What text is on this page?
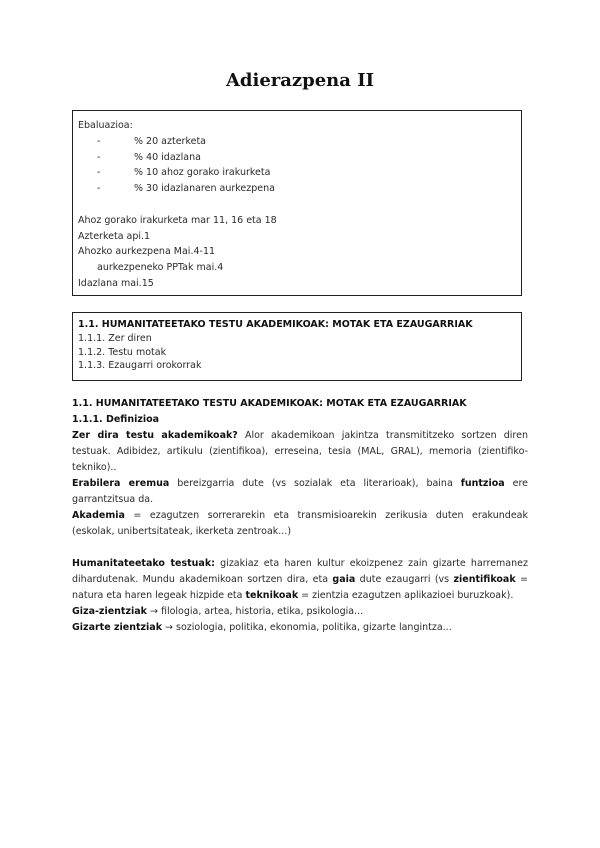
Adierazpena II
Ebaluazioa:
-	% 20 azterketa
-	% 40 idazlana
-	% 10 ahoz gorako irakurketa
-	% 30 idazlanaren aurkezpena
Ahoz gorako irakurketa mar 11, 16 eta 18
Azterketa api.1
Ahozko aurkezpena Mai.4-11
aurkezpeneko PPTak mai.4
Idazlana mai.15
1.1. HUMANITATEETAKO TESTU AKADEMIKOAK: MOTAK ETA EZAUGARRIAK
1.1.1. Zer diren
1.1.2. Testu motak
1.1.3. Ezaugarri orokorrak
1.1. HUMANITATEETAKO TESTU AKADEMIKOAK: MOTAK ETA EZAUGARRIAK
1.1.1. Definizioa

Zer dira testu akademikoak? Alor akademikoan jakintza transmititzeko sortzen diren testuak. Adibidez, artikulu (zientifikoa), erreseina, tesia (MAL, GRAL), memoria (zientifiko-tekniko)..

Erabilera eremua bereizgarria dute (vs sozialak eta literarioak), baina funtzioa ere garrantzitsua da.

Akademia = ezagutzen sorrerarekin eta transmisioarekin zerikusia duten erakundeak (eskolak, unibertsitateak, ikerketa zentroak...)

Humanitateetako testuak: gizakiaz eta haren kultur ekoizpenez zain gizarte harremanez dihardutenak. Mundu akademikoan sortzen dira, eta gaia dute ezaugarri (vs zientifikoak = natura eta haren legeak hizpide eta teknikoak = zientzia ezagutzen aplikazioei buruzkoak).

Giza-zientziak → filologia, artea, historia, etika, psikologia...

Gizarte zientziak → soziologia, politika, ekonomia, politika, gizarte langintza...
